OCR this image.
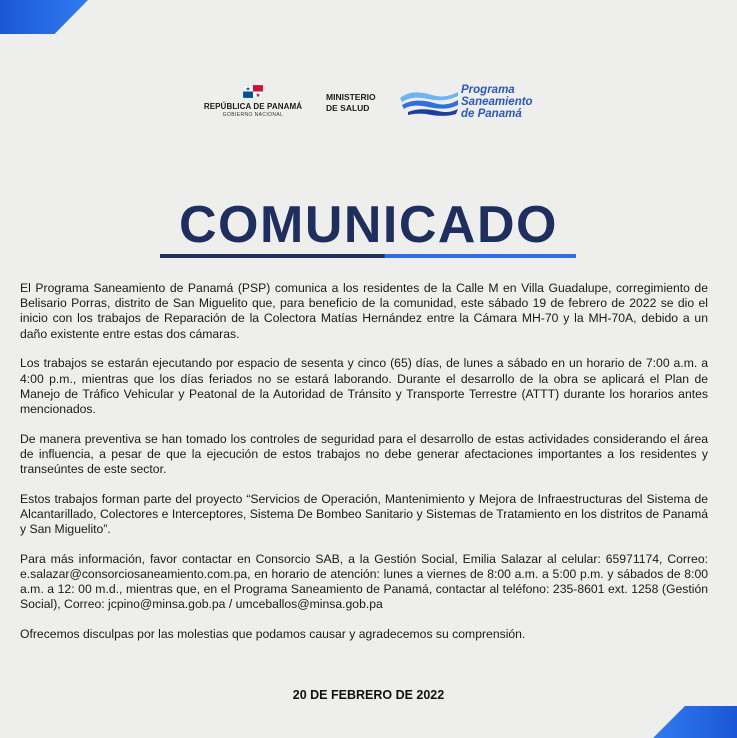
REPÚBLICA DE PANAMÁ
GOBIERNO NACIONAL
MINISTERIO
DE SALUD
Programa
Saneamiento
de Panamá
COMUNICADO

El Programa Saneamiento de Panamá (PSP) comunica a los residentes de la Calle M en Villa Guadalupe, corregimiento de Belisario Porras, distrito de San Miguelito que, para beneficio de la comunidad, este sábado 19 de febrero de 2022 se dio el inicio con los trabajos de Reparación de la Colectora Matías Hernández entre la Cámara MH-70 y la MH-70A, debido a un daño existente entre estas dos cámaras.

Los trabajos se estarán ejecutando por espacio de sesenta y cinco (65) días, de lunes a sábado en un horario de 7:00 a.m. a 4:00 p.m., mientras que los días feriados no se estará laborando. Durante el desarrollo de la obra se aplicará el Plan de Manejo de Tráfico Vehicular y Peatonal de la Autoridad de Tránsito y Transporte Terrestre (ATTT) durante los horarios antes mencionados.

De manera preventiva se han tomado los controles de seguridad para el desarrollo de estas actividades considerando el área de influencia, a pesar de que la ejecución de estos trabajos no debe generar afectaciones importantes a los residentes y transeúntes de este sector.

Estos trabajos forman parte del proyecto “Servicios de Operación, Mantenimiento y Mejora de Infraestructuras del Sistema de Alcantarillado, Colectores e Interceptores, Sistema De Bombeo Sanitario y Sistemas de Tratamiento en los distritos de Panamá y San Miguelito”.

Para más información, favor contactar en Consorcio SAB, a la Gestión Social, Emilia Salazar al celular: 65971174, Correo: e.salazar@consorciosaneamiento.com.pa, en horario de atención: lunes a viernes de 8:00 a.m. a 5:00 p.m. y sábados de 8:00 a.m. a 12: 00 m.d., mientras que, en el Programa Saneamiento de Panamá, contactar al teléfono: 235-8601 ext. 1258 (Gestión Social), Correo: jcpino@minsa.gob.pa / umceballos@minsa.gob.pa

Ofrecemos disculpas por las molestias que podamos causar y agradecemos su comprensión.

20 DE FEBRERO DE 2022
